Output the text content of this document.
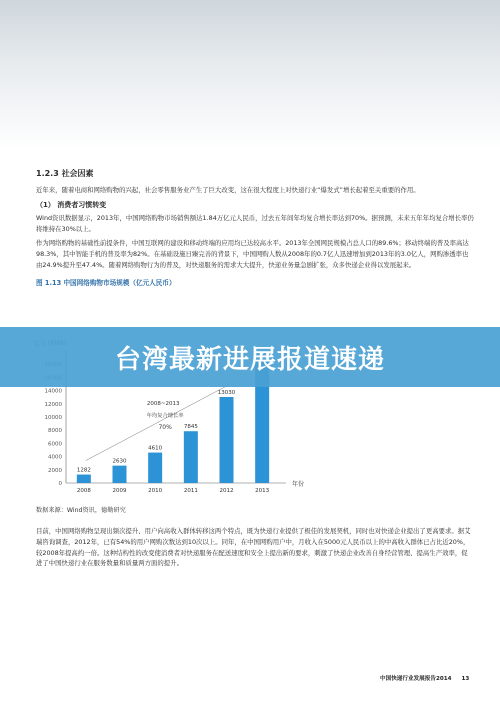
1.2.3 社会因素
近年来，随着电商和网络购物的兴起，社会零售服务业产生了巨大改变，这在很大程度上对快递行业“爆发式”增长起着至关重要的作用。
（1） 消费者习惯转变
Wind资讯数据显示，2013年，中国网络购物市场销售额达1.84万亿元人民币，过去五年间年均复合增长率达到70%。据预测，未来五年年均复合增长率仍将维持在30%以上。
作为网络购物的基础性前提条件，中国互联网的建设和移动终端的应用均已达较高水平。2013年全国网民规模占总人口的89.6%；移动终端的普及率高达98.3%，其中智能手机的普及率为82%。在基础设施日臻完善的背景下，中国网购人数从2008年的0.7亿人迅速增加到2013年的3.0亿人，网购渗透率也由24.9%提升至47.4%。随着网络购物行为的普及，对快递服务的需求大大提升，快递业务量急剧扩张，众多快递企业得以发展起来。
图 1.13 中国网络购物市场规模（亿元人民币）
0
2000
4000
6000
8000
10000
12000
14000
1282
2008
2630
2009
4610
2010
7845
2011
13030
2012	2013
年份
2008~2013
年均复合增长率
70%
台湾最新进展报道速递
数据来源：Wind资讯，德勤研究
目前，中国网络购物呈现出频次提升、用户向高收入群体转移这两个特点，既为快递行业提供了极佳的发展契机，同时也对快递企业提出了更高要求。据艾瑞咨询调查，2012年，已有54%的用户网购次数达到10次以上。同年，在中国网购用户中，月收入在5000元人民币以上的中高收入群体已占比近20%，较2008年提高约一倍。这种结构性的改变使消费者对快递服务在配送速度和安全上提出新的要求，刺激了快递企业改善自身经营管理、提高生产效率，促进了中国快递行业在服务数量和质量两方面的提升。
中国快递行业发展报告2014 13
